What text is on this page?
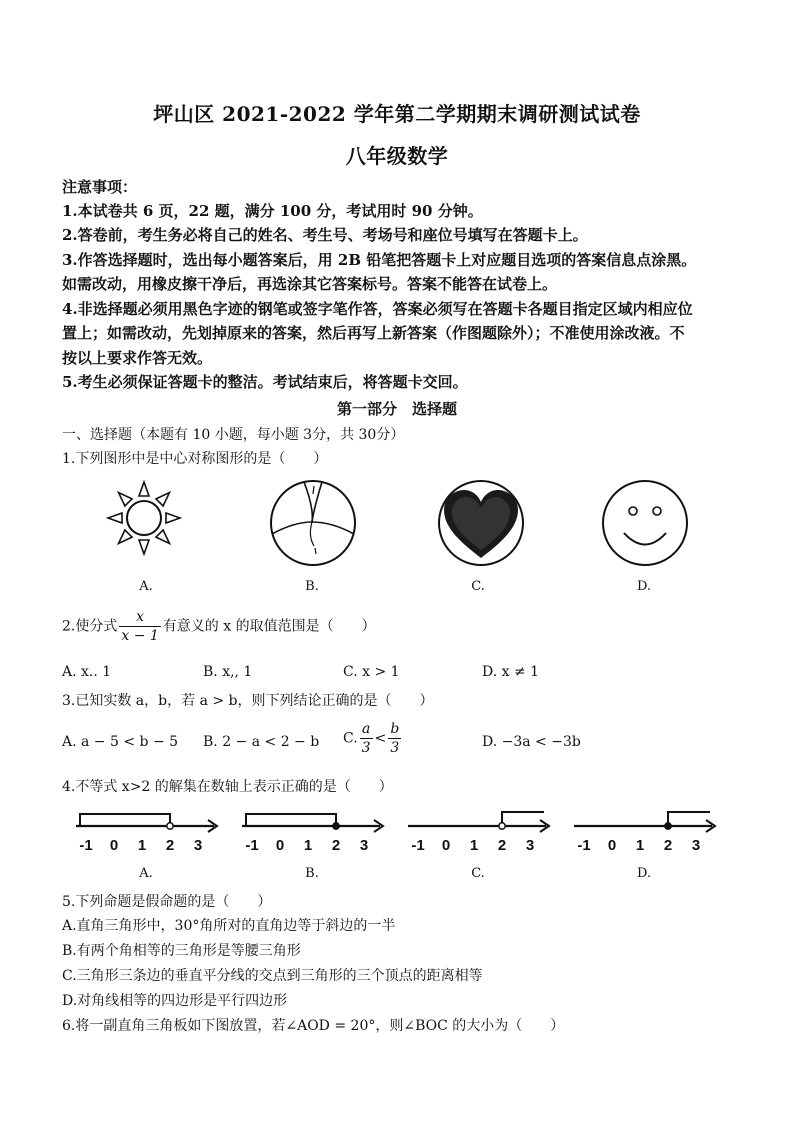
坪山区 2021-2022 学年第二学期期末调研测试试卷
八年级数学
注意事项：
1.本试卷共 6 页，22 题，满分 100 分，考试用时 90 分钟。
2.答卷前，考生务必将自己的姓名、考生号、考场号和座位号填写在答题卡上。
3.作答选择题时，选出每小题答案后，用 2B 铅笔把答题卡上对应题目选项的答案信息点涂黑。
如需改动，用橡皮擦干净后，再选涂其它答案标号。答案不能答在试卷上。
4.非选择题必须用黑色字迹的钢笔或签字笔作答，答案必须写在答题卡各题目指定区域内相应位
置上；如需改动，先划掉原来的答案，然后再写上新答案（作图题除外）；不准使用涂改液。不
按以上要求作答无效。
5.考生必须保证答题卡的整洁。考试结束后，将答题卡交回。
第一部分　选择题
一、选择题（本题有 10 小题，每小题 3分，共 30分）
1.下列图形中是中心对称图形的是（　　）
A.	B.	C.	D.
2.使分式 $\frac{x}{x - 1}$ 有意义的 x 的取值范围是（　　）
A. x.. 1	B. x,, 1	C. x > 1	D. x ≠ 1
3.已知实数 a，b，若 a > b，则下列结论正确的是（　　）
A. a − 5 < b − 5 B. 2 − a < 2 − b C. $\frac{a}{3} < \frac{b}{3}$	D. −3a < −3b
4.不等式 x>2 的解集在数轴上表示正确的是（　　）
-1 0 1 2 3	-1 0 1 2 3	-1 0 1 2 3	-1 0 1 2 3
A.	B.	C.	D.
5.下列命题是假命题的是（　　）
A.直角三角形中，30°角所对的直角边等于斜边的一半
B.有两个角相等的三角形是等腰三角形
C.三角形三条边的垂直平分线的交点到三角形的三个顶点的距离相等
D.对角线相等的四边形是平行四边形
6.将一副直角三角板如下图放置，若∠AOD = 20°，则∠BOC 的大小为（　　）
